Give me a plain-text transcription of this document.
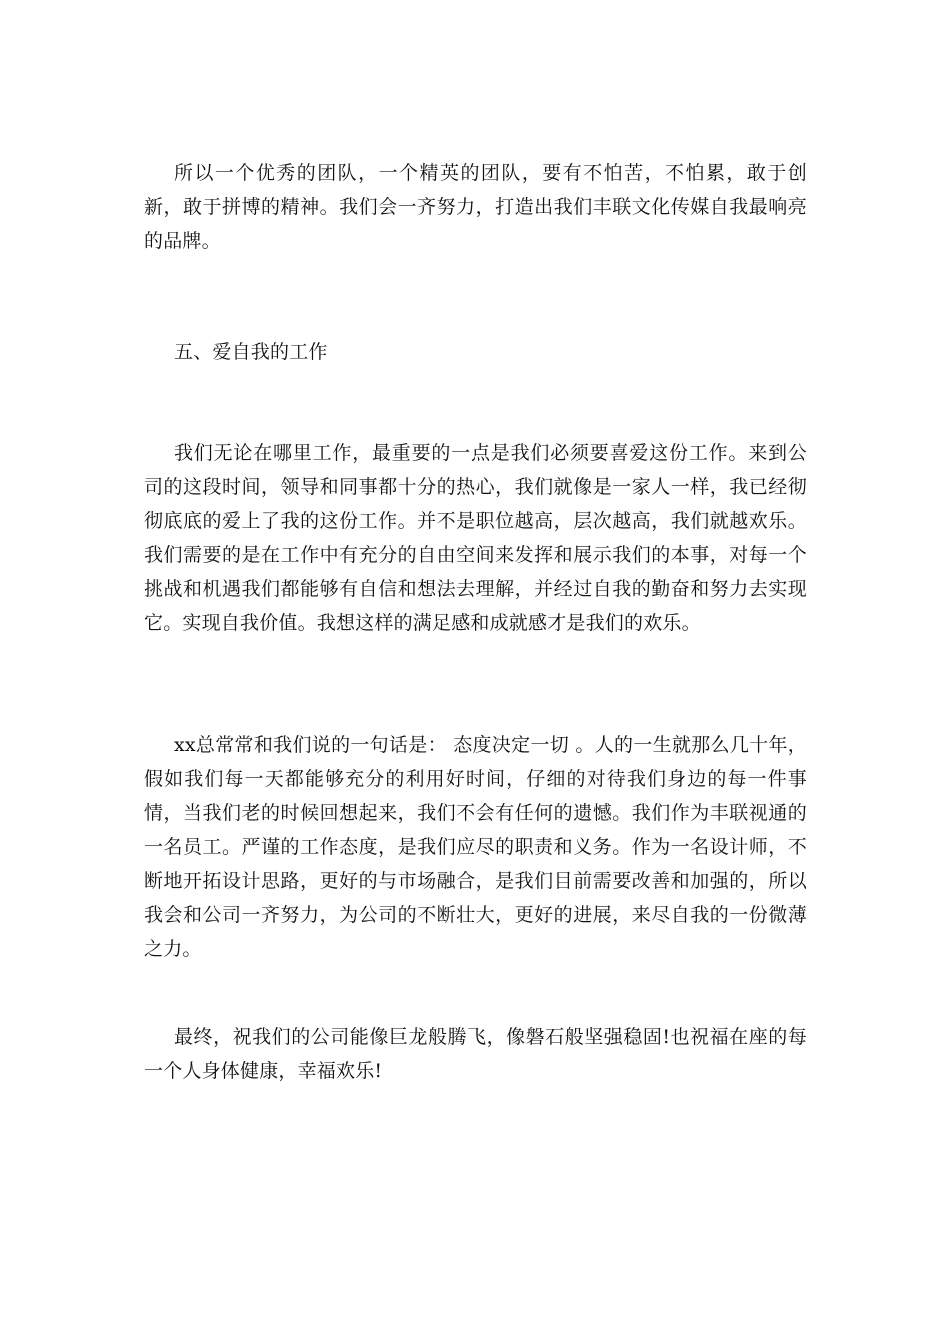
所以一个优秀的团队，一个精英的团队，要有不怕苦，不怕累，敢于创新，敢于拼博的精神。我们会一齐努力，打造出我们丰联文化传媒自我最响亮的品牌。

五、爱自我的工作

我们无论在哪里工作，最重要的一点是我们必须要喜爱这份工作。来到公司的这段时间，领导和同事都十分的热心，我们就像是一家人一样，我已经彻彻底底的爱上了我的这份工作。并不是职位越高，层次越高，我们就越欢乐。我们需要的是在工作中有充分的自由空间来发挥和展示我们的本事，对每一个挑战和机遇我们都能够有自信和想法去理解，并经过自我的勤奋和努力去实现它。实现自我价值。我想这样的满足感和成就感才是我们的欢乐。

xx总常常和我们说的一句话是： 态度决定一切 。人的一生就那么几十年，假如我们每一天都能够充分的利用好时间，仔细的对待我们身边的每一件事情，当我们老的时候回想起来，我们不会有任何的遗憾。我们作为丰联视通的一名员工。严谨的工作态度，是我们应尽的职责和义务。作为一名设计师，不断地开拓设计思路，更好的与市场融合，是我们目前需要改善和加强的，所以我会和公司一齐努力，为公司的不断壮大，更好的进展，来尽自我的一份微薄之力。

最终，祝我们的公司能像巨龙般腾飞，像磐石般坚强稳固!也祝福在座的每一个人身体健康，幸福欢乐!
